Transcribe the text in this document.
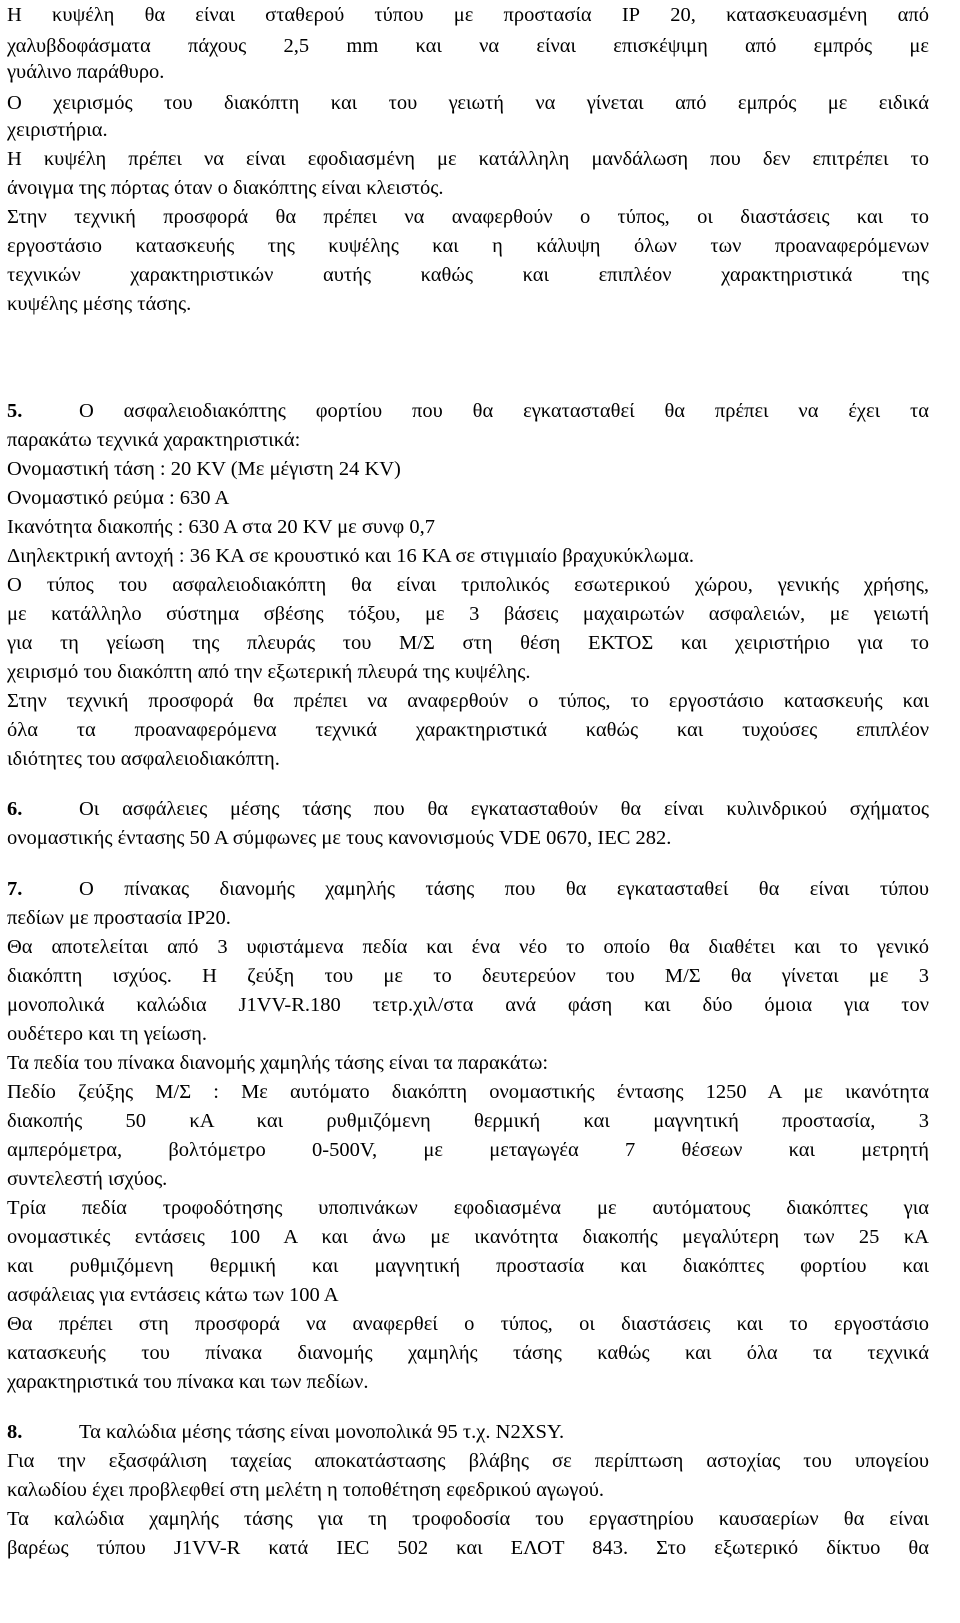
Η κυψέλη θα είναι σταθερού τύπου με προστασία ΙΡ 20, κατασκευασμένη από

χαλυβδοφάσματα πάχους 2,5 mm και να είναι επισκέψιμη από εμπρός με

γυάλινο παράθυρο.

Ο χειρισμός του διακόπτη και του γειωτή να γίνεται από εμπρός με ειδικά

χειριστήρια.

Η κυψέλη πρέπει να είναι εφοδιασμένη με κατάλληλη μανδάλωση που δεν επιτρέπει το

άνοιγμα της πόρτας όταν ο διακόπτης είναι κλειστός.

Στην τεχνική προσφορά θα πρέπει να αναφερθούν ο τύπος, οι διαστάσεις και το

εργοστάσιο κατασκευής της κυψέλης και η κάλυψη όλων των προαναφερόμενων

τεχνικών χαρακτηριστικών αυτής καθώς και επιπλέον χαρακτηριστικά της

κυψέλης μέσης τάσης.

5.	Ο ασφαλειοδιακόπτης φορτίου που θα εγκατασταθεί θα πρέπει να έχει τα

παρακάτω τεχνικά χαρακτηριστικά:

Ονομαστική τάση : 20 KV (Με μέγιστη 24 KV)

Ονομαστικό ρεύμα : 630 Α

Ικανότητα διακοπής : 630 Α στα 20 KV με συνφ 0,7

Διηλεκτρική αντοχή : 36 ΚΑ σε κρουστικό και 16 ΚΑ σε στιγμιαίο βραχυκύκλωμα.

Ο τύπος του ασφαλειοδιακόπτη θα είναι τριπολικός εσωτερικού χώρου, γενικής χρήσης,

με κατάλληλο σύστημα σβέσης τόξου, με 3 βάσεις μαχαιρωτών ασφαλειών, με γειωτή

για τη γείωση της πλευράς του Μ/Σ στη θέση ΕΚΤΟΣ και χειριστήριο για το

χειρισμό του διακόπτη από την εξωτερική πλευρά της κυψέλης.

Στην τεχνική προσφορά θα πρέπει να αναφερθούν ο τύπος, το εργοστάσιο κατασκευής και

όλα τα προαναφερόμενα τεχνικά χαρακτηριστικά καθώς και τυχούσες επιπλέον

ιδιότητες του ασφαλειοδιακόπτη.

6.	Οι ασφάλειες μέσης τάσης που θα εγκατασταθούν θα είναι κυλινδρικού σχήματος

ονομαστικής έντασης 50 Α σύμφωνες με τους κανονισμούς VDE 0670, IEC 282.

7.	Ο πίνακας διανομής χαμηλής τάσης που θα εγκατασταθεί θα είναι τύπου

πεδίων με προστασία ΙΡ20.

Θα αποτελείται από 3 υφιστάμενα πεδία και ένα νέο το οποίο θα διαθέτει και το γενικό

διακόπτη ισχύος. Η ζεύξη του με το δευτερεύον του Μ/Σ θα γίνεται με 3

μονοπολικά καλώδια J1VV-R.180 τετρ.χιλ/στα ανά φάση και δύο όμοια για τον

ουδέτερο και τη γείωση.

Τα πεδία του πίνακα διανομής χαμηλής τάσης είναι τα παρακάτω:

Πεδίο ζεύξης Μ/Σ : Με αυτόματο διακόπτη ονομαστικής έντασης 1250 Α με ικανότητα

διακοπής 50 κΑ και ρυθμιζόμενη θερμική και μαγνητική προστασία, 3

αμπερόμετρα, βολτόμετρο 0-500V, με μεταγωγέα 7 θέσεων και μετρητή

συντελεστή ισχύος.

Τρία πεδία τροφοδότησης υποπινάκων εφοδιασμένα με αυτόματους διακόπτες για

ονομαστικές εντάσεις 100 Α και άνω με ικανότητα διακοπής μεγαλύτερη των 25 κΑ

και ρυθμιζόμενη θερμική και μαγνητική προστασία και διακόπτες φορτίου και

ασφάλειας για εντάσεις κάτω των 100 Α

Θα πρέπει στη προσφορά να αναφερθεί ο τύπος, οι διαστάσεις και το εργοστάσιο

κατασκευής του πίνακα διανομής χαμηλής τάσης καθώς και όλα τα τεχνικά

χαρακτηριστικά του πίνακα και των πεδίων.

8.	Τα καλώδια μέσης τάσης είναι μονοπολικά 95 τ.χ. N2XSY.

Για την εξασφάλιση ταχείας αποκατάστασης βλάβης σε περίπτωση αστοχίας του υπογείου

καλωδίου έχει προβλεφθεί στη μελέτη η τοποθέτηση εφεδρικού αγωγού.

Τα καλώδια χαμηλής τάσης για τη τροφοδοσία του εργαστηρίου καυσαερίων θα είναι

βαρέως τύπου J1VV-R κατά IEC 502 και ΕΛΟΤ 843. Στο εξωτερικό δίκτυο θα
